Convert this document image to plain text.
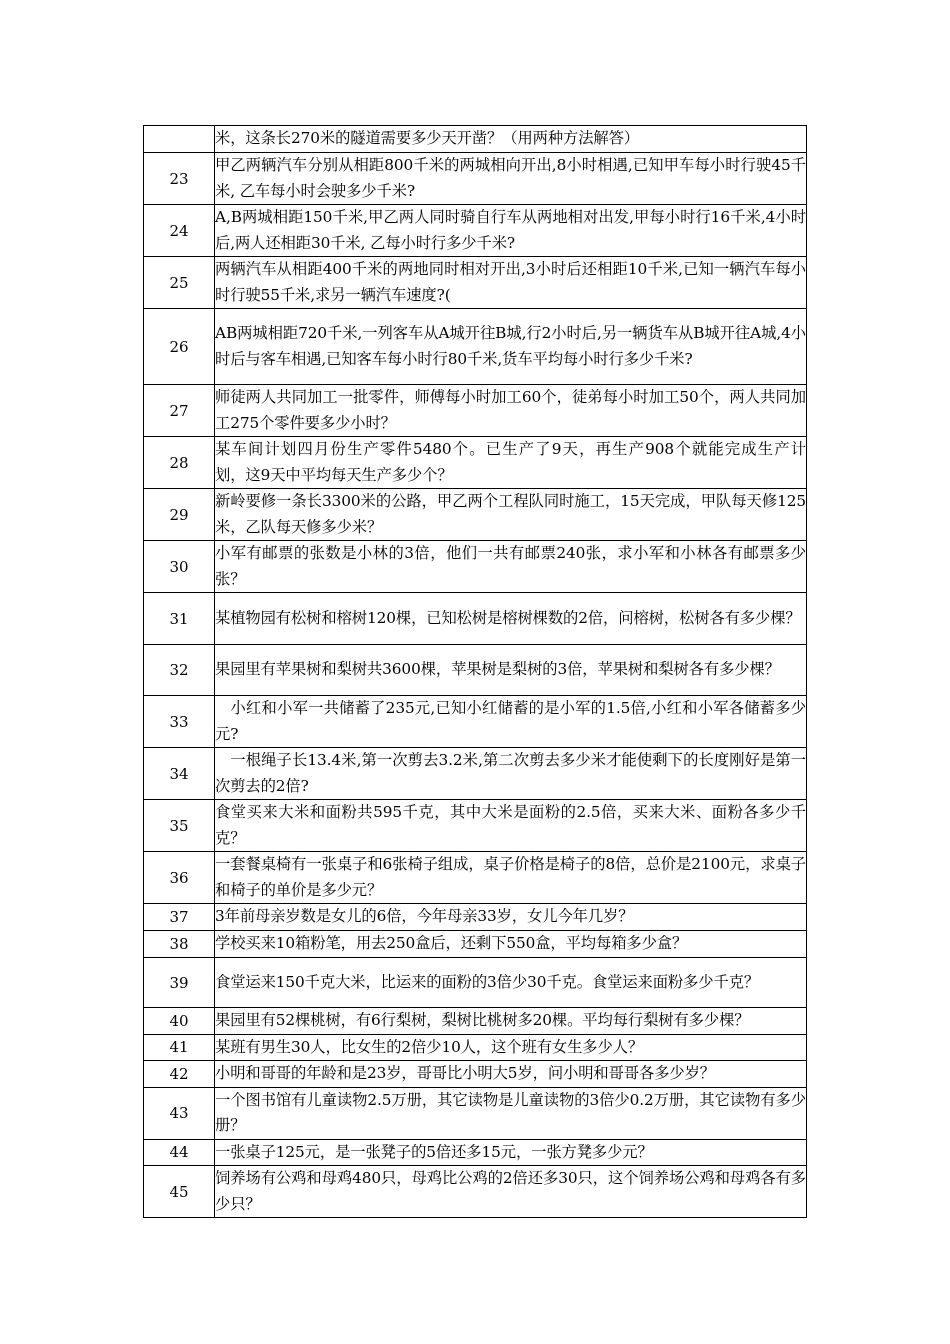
	米，这条长270米的隧道需要多少天开凿？（用两种方法解答）
23	甲乙两辆汽车分别从相距800千米的两城相向开出,8小时相遇,已知甲车每小时行驶45千米, 乙车每小时会驶多少千米?
24	A,B两城相距150千米,甲乙两人同时骑自行车从两地相对出发,甲每小时行16千米,4小时后,两人还相距30千米, 乙每小时行多少千米?
25	两辆汽车从相距400千米的两地同时相对开出,3小时后还相距10千米,已知一辆汽车每小时行驶55千米,求另一辆汽车速度?(
26	AB两城相距720千米,一列客车从A城开往B城,行2小时后,另一辆货车从B城开往A城,4小时后与客车相遇,已知客车每小时行80千米,货车平均每小时行多少千米?
27	师徒两人共同加工一批零件，师傅每小时加工60个，徒弟每小时加工50个，两人共同加工275个零件要多少小时？
28	某车间计划四月份生产零件5480个。已生产了9天，再生产908个就能完成生产计　划，这9天中平均每天生产多少个？
29	新岭要修一条长3300米的公路，甲乙两个工程队同时施工，15天完成，甲队每天修125米，乙队每天修多少米？
30	小军有邮票的张数是小林的3倍，他们一共有邮票240张，求小军和小林各有邮票多少张？
31	某植物园有松树和榕树120棵，已知松树是榕树棵数的2倍，问榕树，松树各有多少棵？
32	果园里有苹果树和梨树共3600棵，苹果树是梨树的3倍，苹果树和梨树各有多少棵？
33	　小红和小军一共储蓄了235元,已知小红储蓄的是小军的1.5倍,小红和小军各储蓄多少元?
34	　一根绳子长13.4米,第一次剪去3.2米,第二次剪去多少米才能使剩下的长度刚好是第一次剪去的2倍?
35	食堂买来大米和面粉共595千克，其中大米是面粉的2.5倍，买来大米、面粉各多少千克？
36	一套餐桌椅有一张桌子和6张椅子组成，桌子价格是椅子的8倍，总价是2100元，求桌子和椅子的单价是多少元？
37	3年前母亲岁数是女儿的6倍，今年母亲33岁，女儿今年几岁？
38	学校买来10箱粉笔，用去250盒后，还剩下550盒，平均每箱多少盒？
39	食堂运来150千克大米，比运来的面粉的3倍少30千克。食堂运来面粉多少千克？
40	果园里有52棵桃树，有6行梨树，梨树比桃树多20棵。平均每行梨树有多少棵？
41	某班有男生30人，比女生的2倍少10人，这个班有女生多少人？
42	小明和哥哥的年龄和是23岁，哥哥比小明大5岁，问小明和哥哥各多少岁？
43	一个图书馆有儿童读物2.5万册，其它读物是儿童读物的3倍少0.2万册，其它读物有多少册？
44	一张桌子125元，是一张凳子的5倍还多15元，一张方凳多少元？
45	饲养场有公鸡和母鸡480只，母鸡比公鸡的2倍还多30只，这个饲养场公鸡和母鸡各有多少只？
